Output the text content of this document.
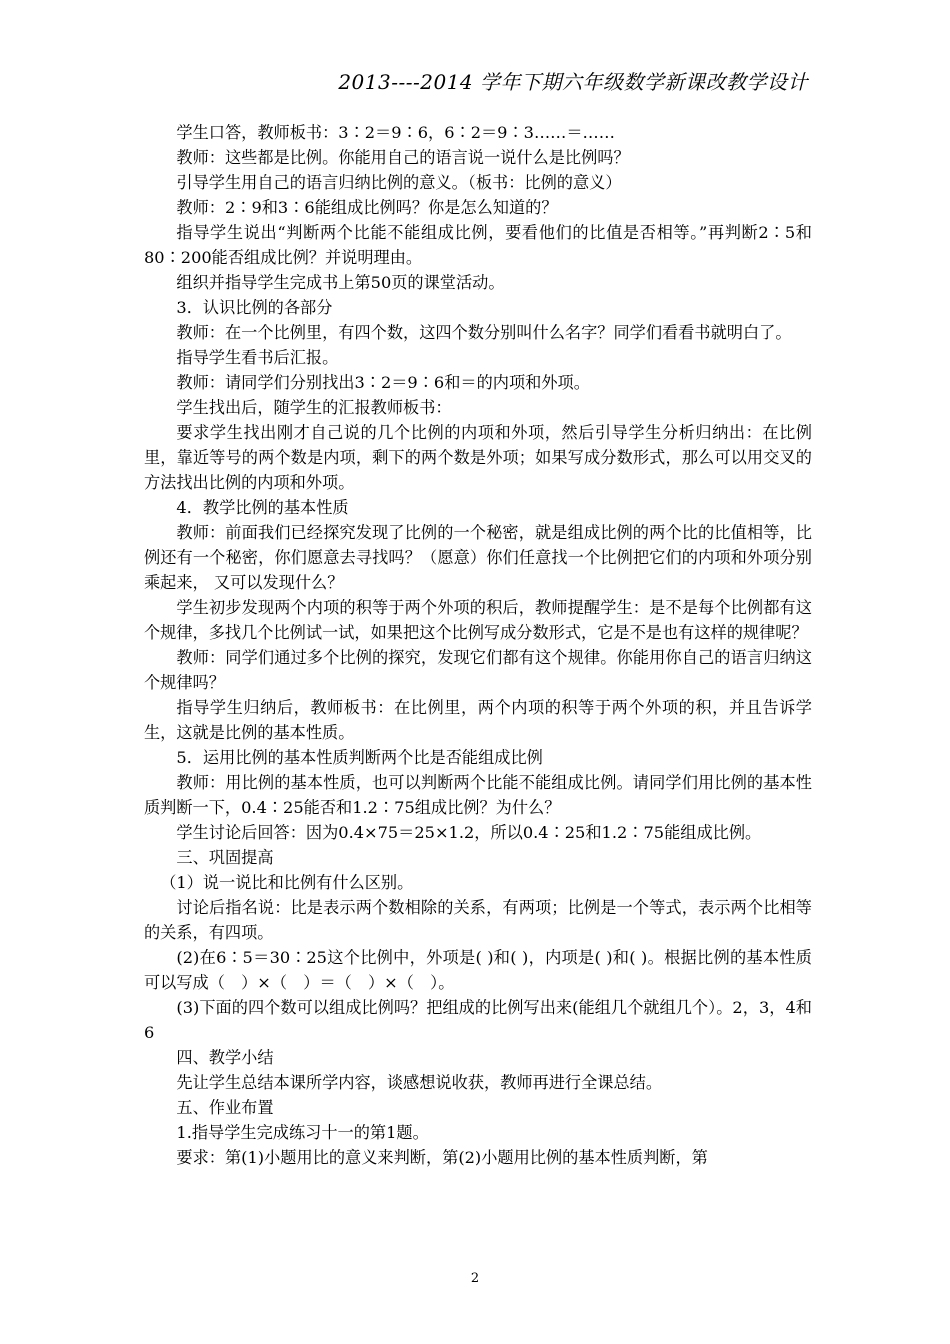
2013----2014 学年下期六年级数学新课改教学设计

学生口答，教师板书：3∶2＝9∶6，6∶2＝9∶3……＝……

教师：这些都是比例。你能用自己的语言说一说什么是比例吗？

引导学生用自己的语言归纳比例的意义。（板书：比例的意义）

教师：2∶9和3∶6能组成比例吗？你是怎么知道的？

指导学生说出“判断两个比能不能组成比例，要看他们的比值是否相等。”再判断2∶5和80∶200能否组成比例？并说明理由。

组织并指导学生完成书上第50页的课堂活动。

3．认识比例的各部分

教师：在一个比例里，有四个数，这四个数分别叫什么名字？同学们看看书就明白了。

指导学生看书后汇报。

教师：请同学们分别找出3∶2＝9∶6和＝的内项和外项。

学生找出后，随学生的汇报教师板书：

要求学生找出刚才自己说的几个比例的内项和外项，然后引导学生分析归纳出：在比例里，靠近等号的两个数是内项，剩下的两个数是外项；如果写成分数形式，那么可以用交叉的方法找出比例的内项和外项。

4．教学比例的基本性质

教师：前面我们已经探究发现了比例的一个秘密，就是组成比例的两个比的比值相等，比例还有一个秘密，你们愿意去寻找吗？（愿意）你们任意找一个比例把它们的内项和外项分别乘起来， 又可以发现什么？

学生初步发现两个内项的积等于两个外项的积后，教师提醒学生：是不是每个比例都有这个规律，多找几个比例试一试，如果把这个比例写成分数形式，它是不是也有这样的规律呢？

教师：同学们通过多个比例的探究，发现它们都有这个规律。你能用你自己的语言归纳这个规律吗？

指导学生归纳后，教师板书：在比例里，两个内项的积等于两个外项的积，并且告诉学生，这就是比例的基本性质。

5．运用比例的基本性质判断两个比是否能组成比例

教师：用比例的基本性质，也可以判断两个比能不能组成比例。请同学们用比例的基本性质判断一下，0.4∶25能否和1.2∶75组成比例？为什么？

学生讨论后回答：因为0.4×75＝25×1.2，所以0.4∶25和1.2∶75能组成比例。

三、巩固提高

（1）说一说比和比例有什么区别。

讨论后指名说：比是表示两个数相除的关系，有两项；比例是一个等式，表示两个比相等的关系，有四项。

(2)在6∶5＝30∶25这个比例中，外项是( )和( )，内项是( )和( )。根据比例的基本性质可以写成（　）×（　）＝（　）×（　）。

(3)下面的四个数可以组成比例吗？把组成的比例写出来(能组几个就组几个）。2，3，4和6

四、教学小结

先让学生总结本课所学内容，谈感想说收获，教师再进行全课总结。

五、作业布置

1.指导学生完成练习十一的第1题。

要求：第(1)小题用比的意义来判断，第(2)小题用比例的基本性质判断，第

2
